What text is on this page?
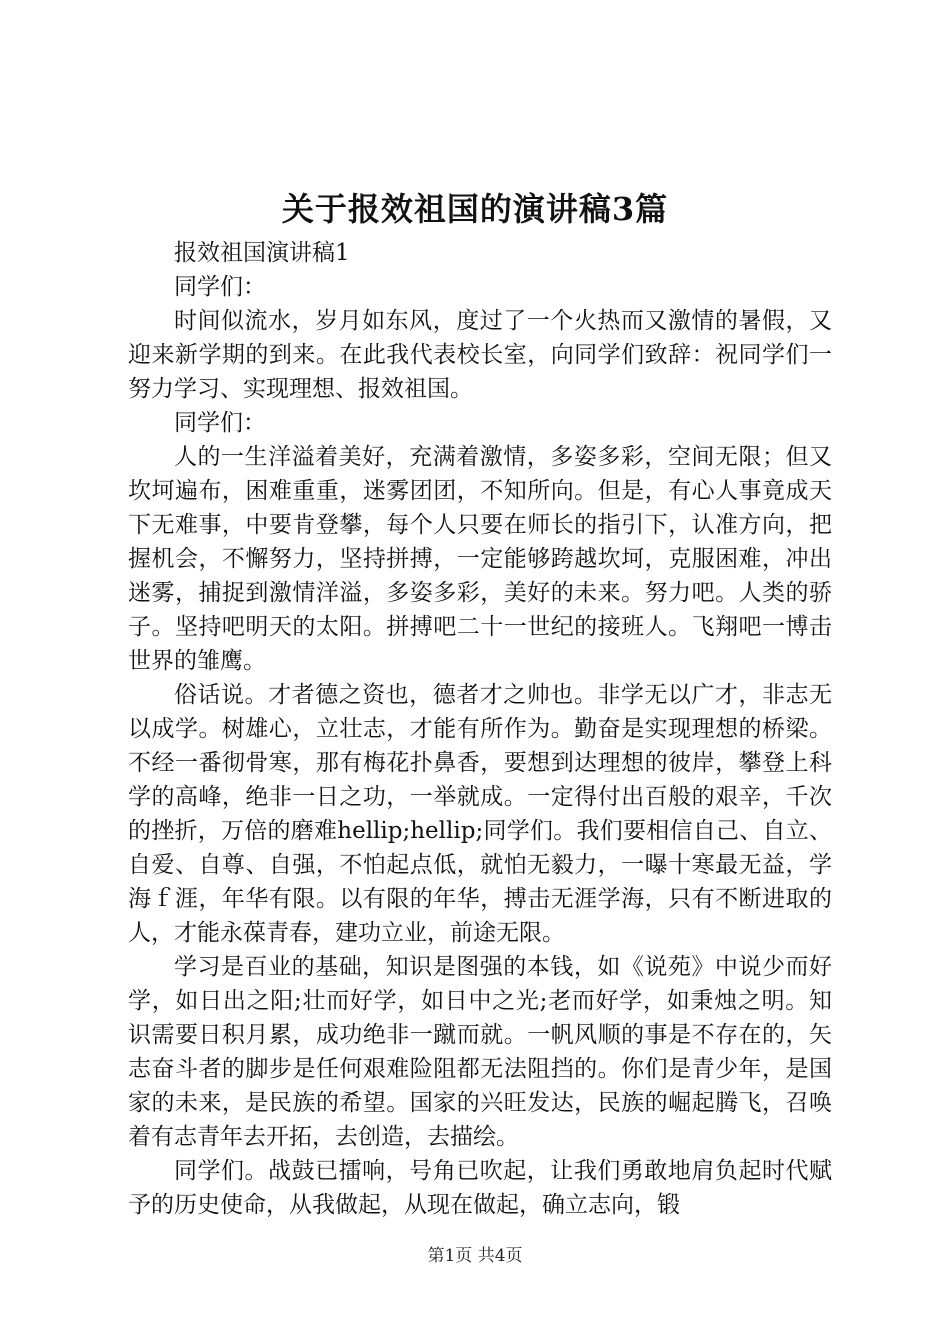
关于报效祖国的演讲稿3篇

报效祖国演讲稿1

同学们：

时间似流水，岁月如东风，度过了一个火热而又激情的暑假，又迎来新学期的到来。在此我代表校长室，向同学们致辞：祝同学们一努力学习、实现理想、报效祖国。

同学们：

人的一生洋溢着美好，充满着激情，多姿多彩，空间无限；但又坎坷遍布，困难重重，迷雾团团，不知所向。但是，有心人事竟成天下无难事，中要肯登攀，每个人只要在师长的指引下，认准方向，把握机会，不懈努力，坚持拼搏，一定能够跨越坎坷，克服困难，冲出迷雾，捕捉到激情洋溢，多姿多彩，美好的未来。努力吧。人类的骄子。坚持吧明天的太阳。拼搏吧二十一世纪的接班人。飞翔吧一博击世界的雏鹰。

俗话说。才者德之资也，德者才之帅也。非学无以广才，非志无以成学。树雄心，立壮志，才能有所作为。勤奋是实现理想的桥梁。不经一番彻骨寒，那有梅花扑鼻香，要想到达理想的彼岸，攀登上科学的高峰，绝非一日之功，一举就成。一定得付出百般的艰辛，千次的挫折，万倍的磨难hellip;hellip;同学们。我们要相信自己、自立、自爱、自尊、自强，不怕起点低，就怕无毅力，一曝十寒最无益，学海ｆ涯，年华有限。以有限的年华，搏击无涯学海，只有不断进取的人，才能永葆青春，建功立业，前途无限。

学习是百业的基础，知识是图强的本钱，如《说苑》中说少而好学，如日出之阳;壮而好学，如日中之光;老而好学，如秉烛之明。知识需要日积月累，成功绝非一蹴而就。一帆风顺的事是不存在的，矢志奋斗者的脚步是任何艰难险阻都无法阻挡的。你们是青少年，是国家的未来，是民族的希望。国家的兴旺发达，民族的崛起腾飞，召唤着有志青年去开拓，去创造，去描绘。

同学们。战鼓已擂响，号角已吹起，让我们勇敢地肩负起时代赋予的历史使命，从我做起，从现在做起，确立志向，锻

第1页 共4页
